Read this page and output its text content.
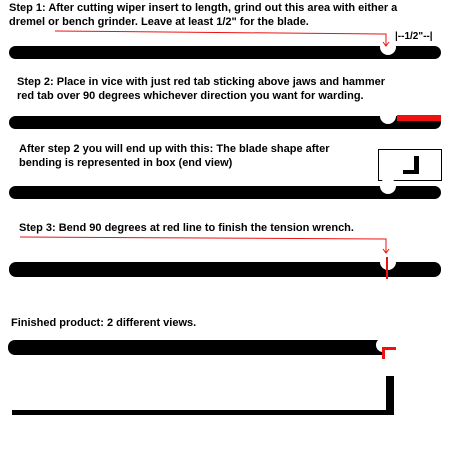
Step 1: After cutting wiper insert to length, grind out this area with either a
dremel or bench grinder. Leave at least 1/2" for the blade.
|--1/2"--|
Step 2: Place in vice with just red tab sticking above jaws and hammer
red tab over 90 degrees whichever direction you want for warding.
After step 2 you will end up with this: The blade shape after
bending is represented in box (end view)
Step 3: Bend 90 degrees at red line to finish the tension wrench.
Finished product: 2 different views.
